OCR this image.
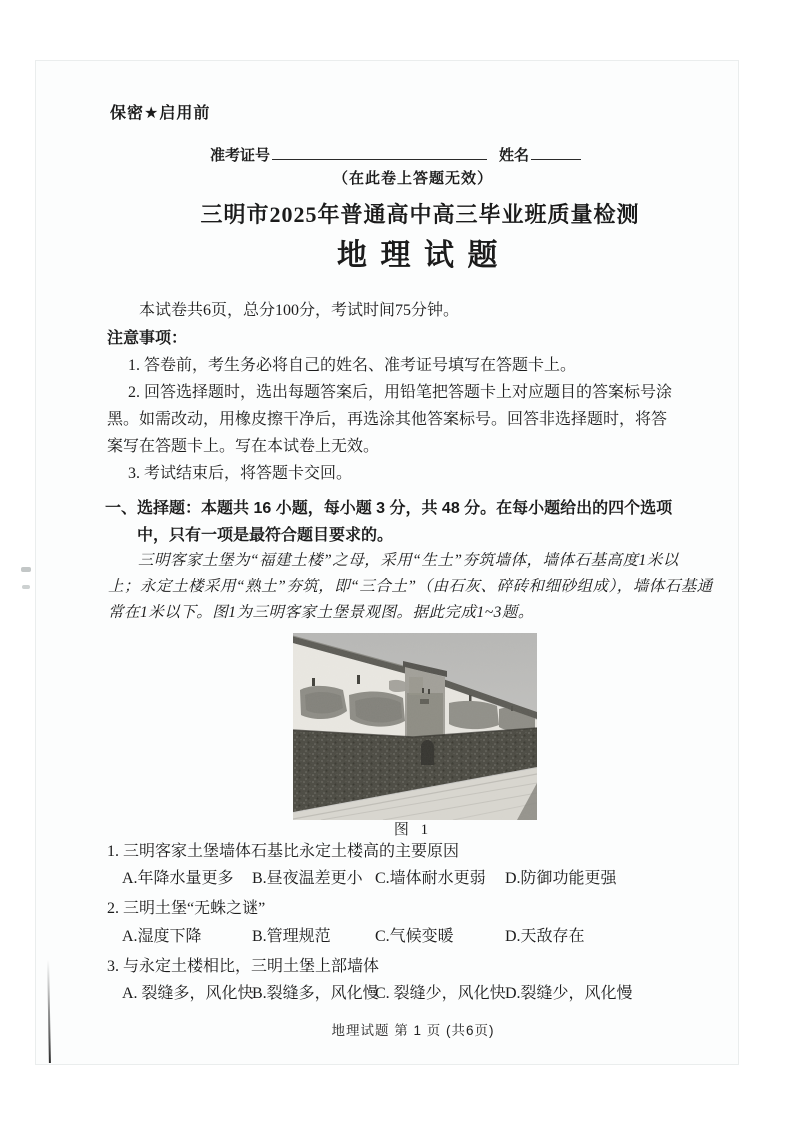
保密★启用前
准考证号	姓名
（在此卷上答题无效）
三明市2025年普通高中高三毕业班质量检测
地理试题
本试卷共6页，总分100分，考试时间75分钟。
注意事项：
1. 答卷前，考生务必将自己的姓名、准考证号填写在答题卡上。
2. 回答选择题时，选出每题答案后，用铅笔把答题卡上对应题目的答案标号涂
黑。如需改动，用橡皮擦干净后，再选涂其他答案标号。回答非选择题时，将答
案写在答题卡上。写在本试卷上无效。
3. 考试结束后，将答题卡交回。
一、选择题：本题共 16 小题，每小题 3 分，共 48 分。在每小题给出的四个选项
中，只有一项是最符合题目要求的。
三明客家土堡为“福建土楼”之母，采用“生土”夯筑墙体，墙体石基高度1米以
上；永定土楼采用“熟土”夯筑，即“三合土”（由石灰、碎砖和细砂组成），墙体石基通
常在1米以下。图1为三明客家土堡景观图。据此完成1~3题。
图 1
1. 三明客家土堡墙体石基比永定土楼高的主要原因
A.年降水量更多 B.昼夜温差更小 C.墙体耐水更弱 D.防御功能更强
2. 三明土堡“无蛛之谜”
A.湿度下降	B.管理规范	C.气候变暖	D.天敌存在
3. 与永定土楼相比，三明土堡上部墙体
A. 裂缝多，风化快
B.裂缝多，风化慢
C. 裂缝少，风化快 D.裂缝少，风化慢
地理试题 第 1 页 (共6页)
